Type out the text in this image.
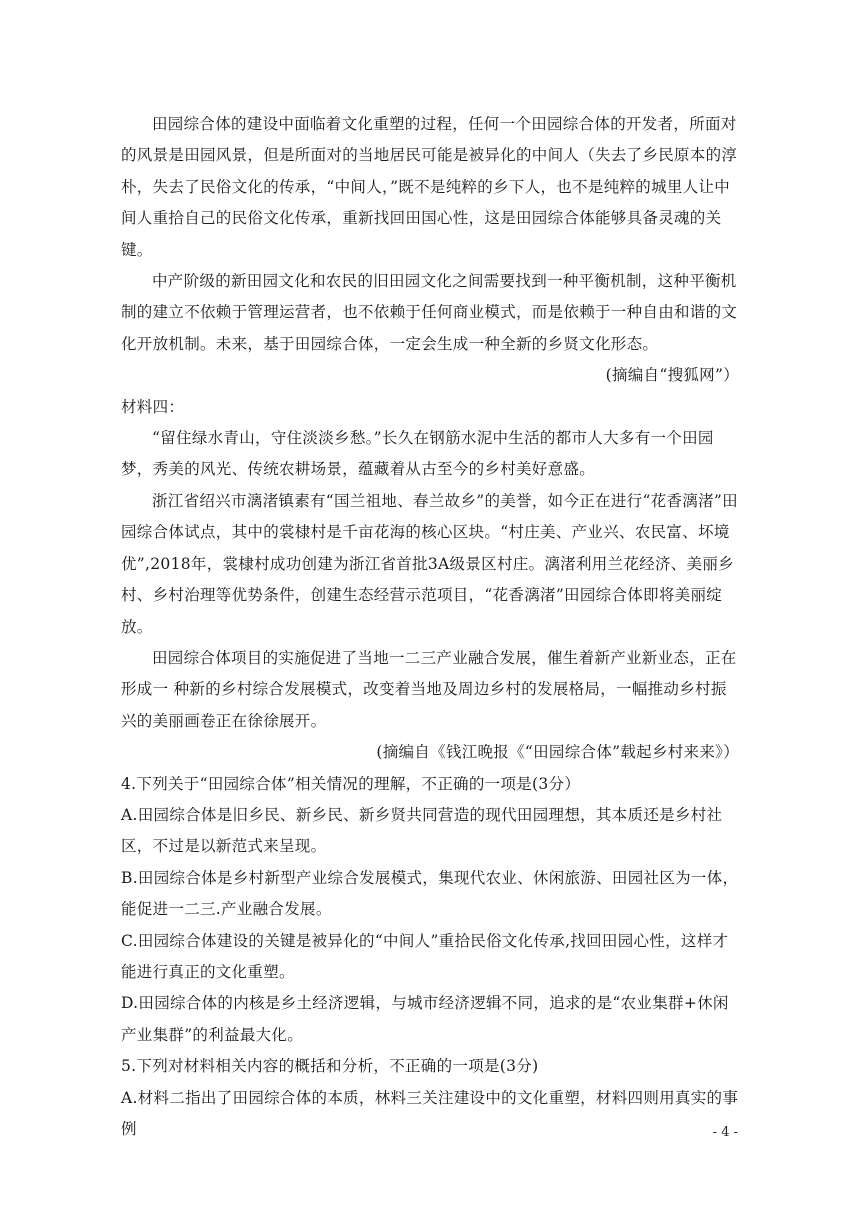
田园综合体的建设中面临着文化重塑的过程，任何一个田园综合体的开发者，所面对的风景是田园风景，但是所面对的当地居民可能是被异化的中间人（失去了乡民原本的淳朴，失去了民俗文化的传承，“中间人，”既不是纯粹的乡下人，也不是纯粹的城里人让中间人重拾自己的民俗文化传承，重新找回田国心性，这是田园综合体能够具备灵魂的关键。

中产阶级的新田园文化和农民的旧田园文化之间需要找到一种平衡机制，这种平衡机制的建立不依赖于管理运营者，也不依赖于任何商业模式，而是依赖于一种自由和谐的文化开放机制。未来，基于田园综合体，一定会生成一种全新的乡贤文化形态。

(摘编自“搜狐网”）

材料四：

“留住绿水青山，守住淡淡乡愁。”长久在钢筋水泥中生活的都市人大多有一个田园梦，秀美的风光、传统农耕场景，蕴藏着从古至今的乡村美好意盛。

浙江省绍兴市漓渚镇素有“国兰祖地、春兰故乡”的美誉，如今正在进行“花香漓渚”田园综合体试点，其中的裳棣村是千亩花海的核心区块。“村庄美、产业兴、农民富、坏境优”,2018年，裳棣村成功创建为浙江省首批3A级景区村庄。漓渚利用兰花经济、美丽乡村、乡村治理等优势条件，创建生态经营示范项目，“花香漓渚”田园综合体即将美丽绽放。

田园综合体项目的实施促进了当地一二三产业融合发展，催生着新产业新业态，正在形成一 种新的乡村综合发展模式，改变着当地及周边乡村的发展格局，一幅推动乡村振兴的美丽画卷正在徐徐展开。

(摘编自《钱江晚报《“田园综合体”载起乡村来来》）

4.下列关于“田园综合体”相关情况的理解，不正确的一项是(3分）

A.田园综合体是旧乡民、新乡民、新乡贤共同营造的现代田园理想，其本质还是乡村社区，不过是以新范式来呈现。

B.田园综合体是乡村新型产业综合发展模式，集现代农业、休闲旅游、田园社区为一体，能促进一二三.产业融合发展。

C.田园综合体建设的关键是被异化的“中间人”重拾民俗文化传承,找回田园心性，这样才能进行真正的文化重塑。

D.田园综合体的内核是乡土经济逻辑，与城市经济逻辑不同，追求的是“农业集群+休闲产业集群”的利益最大化。

5.下列对材料相关内容的概括和分析，不正确的一项是(3分)

A.材料二指出了田园综合体的本质，林料三关注建设中的文化重塑，材料四则用真实的事例	- 4 -
